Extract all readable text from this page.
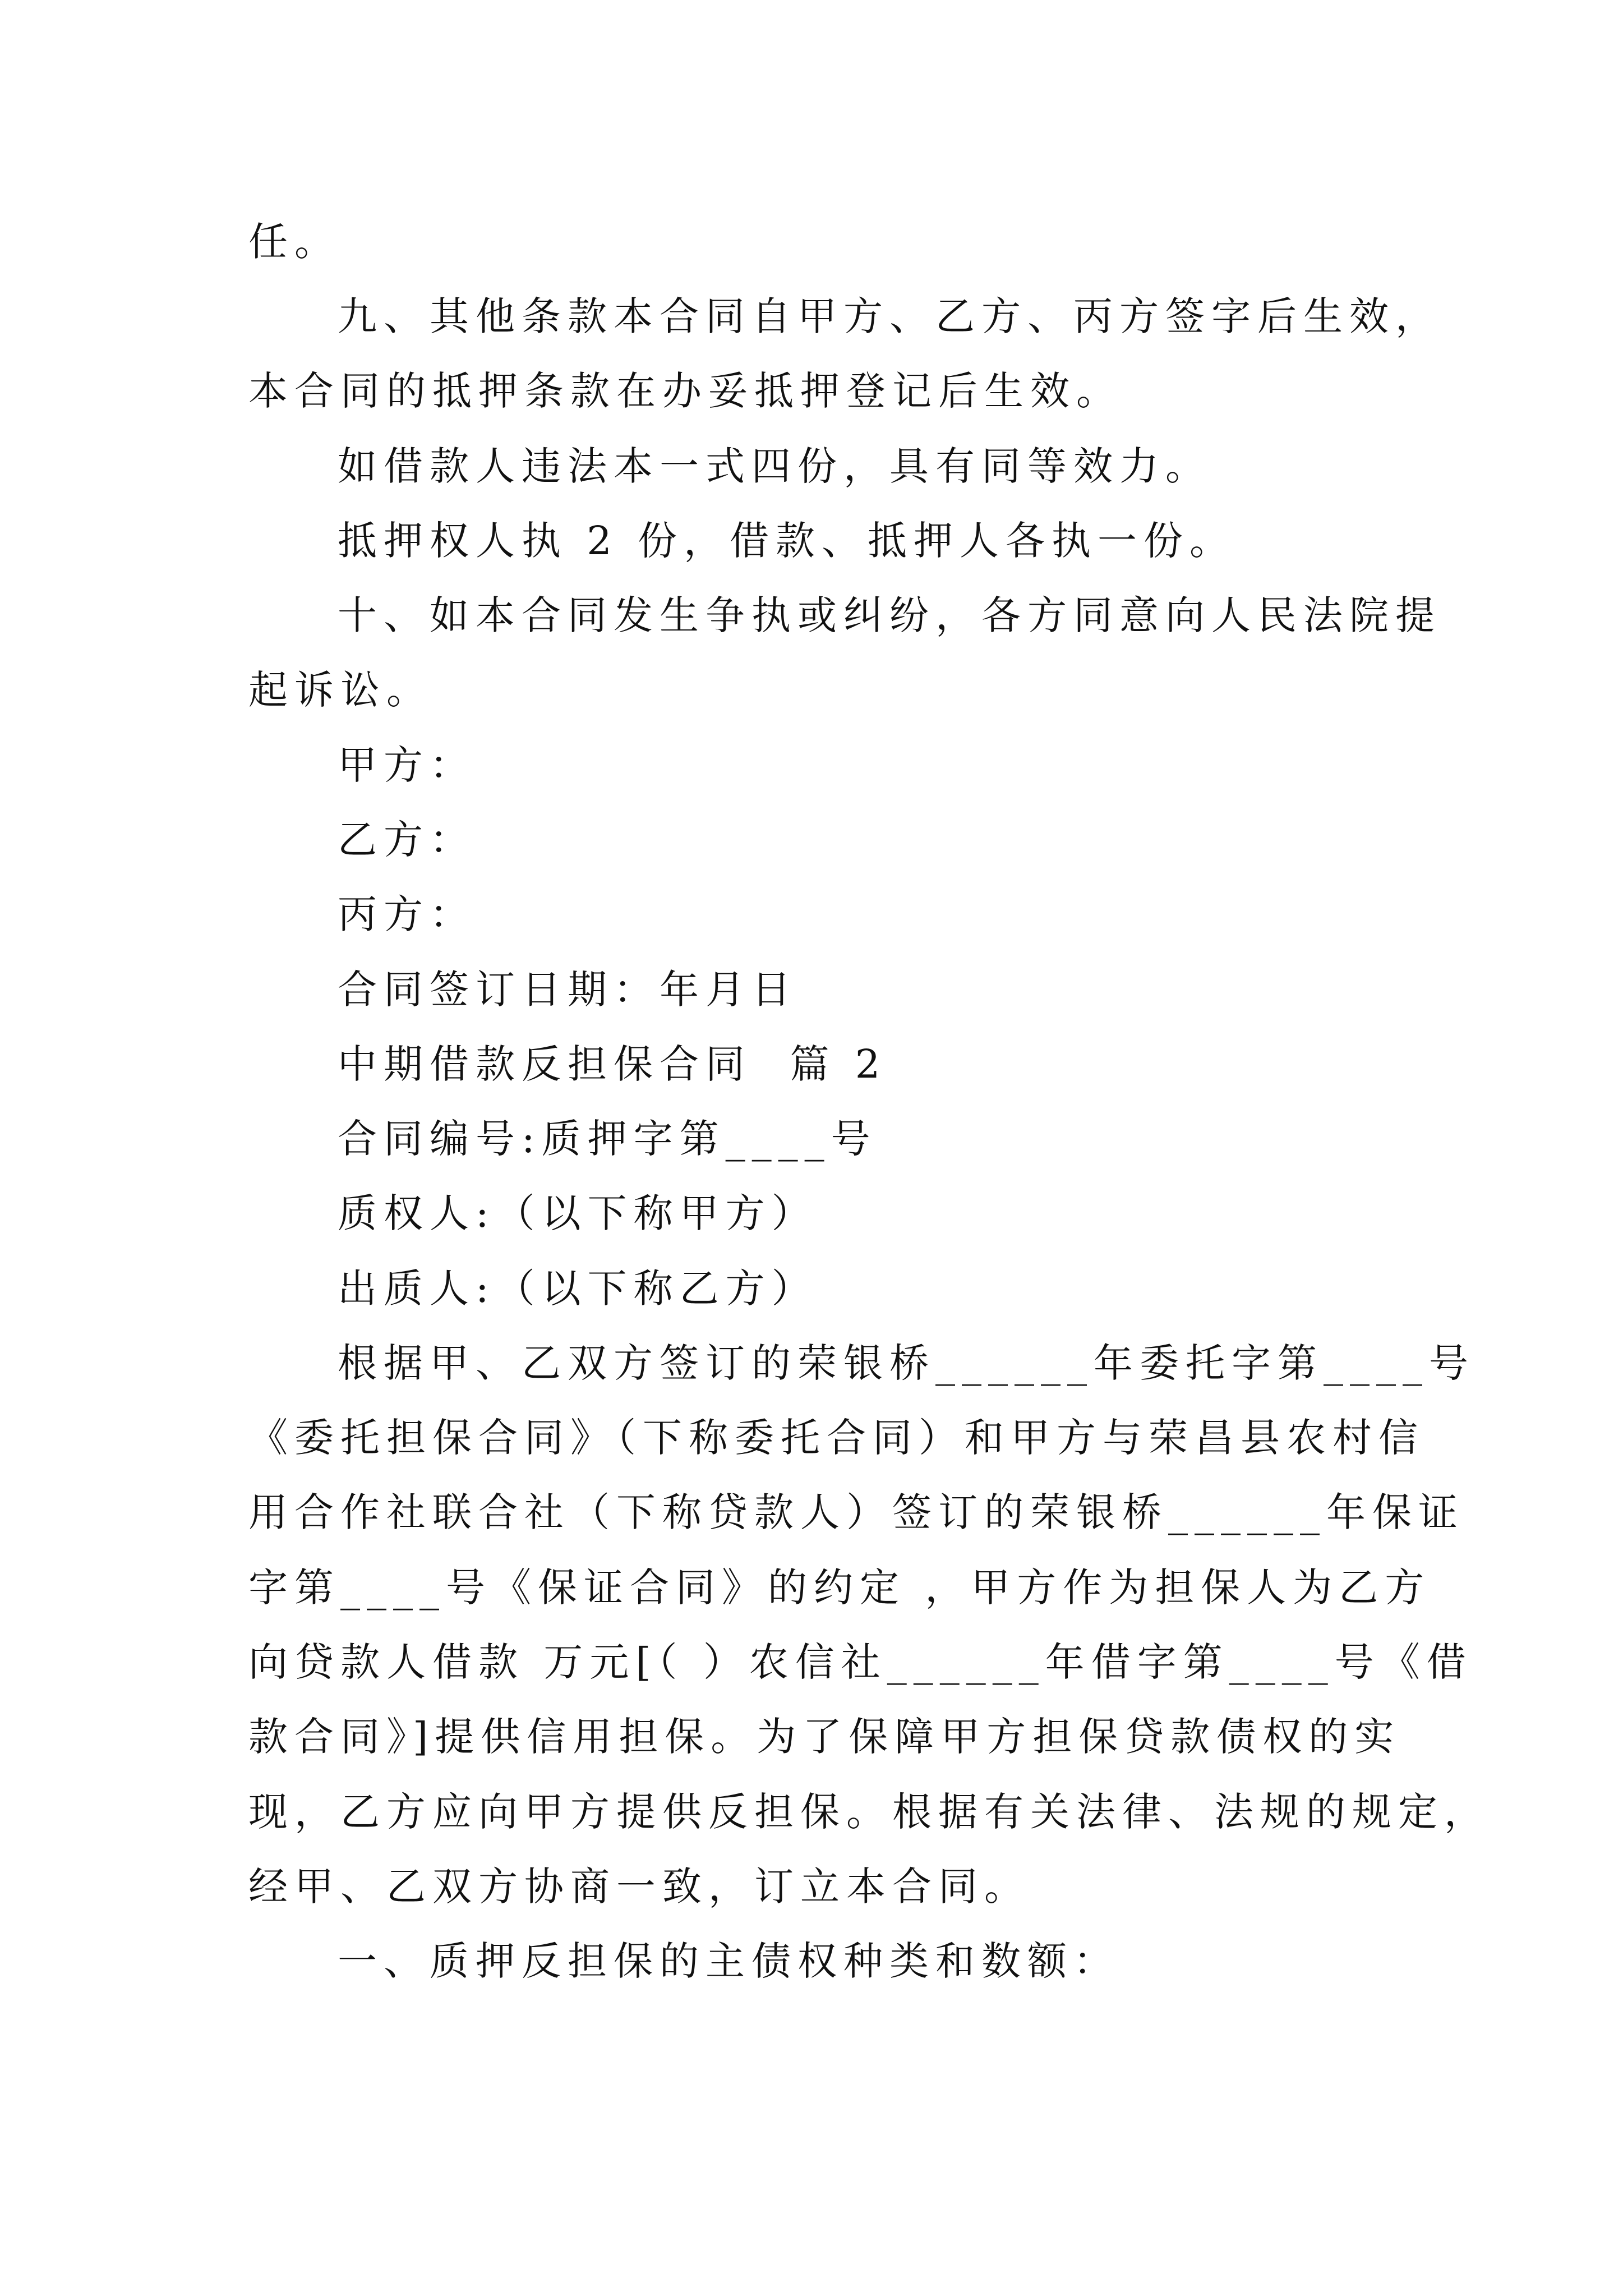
任。
九、其他条款本合同自甲方、乙方、丙方签字后生效，
本合同的抵押条款在办妥抵押登记后生效。
如借款人违法本一式四份，具有同等效力。
抵押权人执 2 份，借款、抵押人各执一份。
十、如本合同发生争执或纠纷，各方同意向人民法院提
起诉讼。
甲方：
乙方：
丙方：
合同签订日期：年月日
中期借款反担保合同  篇 2
合同编号:质押字第____号
质权人:（以下称甲方）
出质人:（以下称乙方）
根据甲、乙双方签订的荣银桥______年委托字第____号
《委托担保合同》（下称委托合同）和甲方与荣昌县农村信
用合作社联合社（下称贷款人）签订的荣银桥______年保证
字第____号《保证合同》的约定 ，甲方作为担保人为乙方
向贷款人借款 万元[（ ）农信社______年借字第____号《借
款合同》]提供信用担保。为了保障甲方担保贷款债权的实
现，乙方应向甲方提供反担保。根据有关法律、法规的规定，
经甲、乙双方协商一致，订立本合同。
一、质押反担保的主债权种类和数额：
